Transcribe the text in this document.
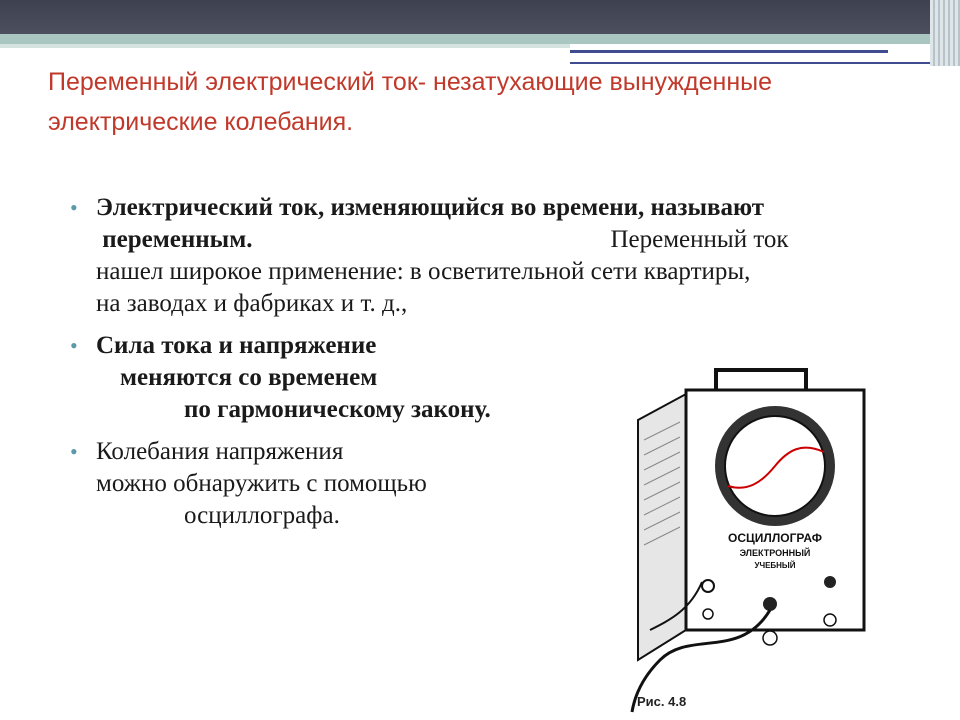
Переменный электрический ток- незатухающие вынужденные электрические колебания.
• Электрический ток, изменяющийся во времени, называют
переменным.	Переменный ток
нашел широкое применение: в осветительной сети квартиры,
на заводах и фабриках и т. д.,
• Сила тока и напряжение
меняются со временем
по гармоническому закону.
• Колебания напряжения
можно обнаружить с помощью
осциллографа.
ОСЦИЛЛОГРАФ
ЭЛЕКТРОННЫЙ
УЧЕБНЫЙ
Рис. 4.8
